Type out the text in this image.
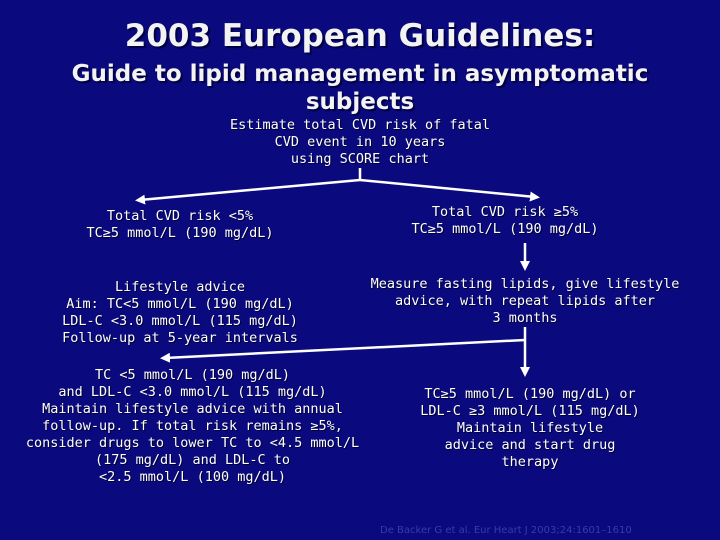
2003 European Guidelines:
Guide to lipid management in asymptomatic subjects
Estimate total CVD risk of fatal
CVD event in 10 years
using SCORE chart
Total CVD risk <5%
TC≥5 mmol/L (190 mg/dL)
Total CVD risk ≥5%
TC≥5 mmol/L (190 mg/dL)
Lifestyle advice
Aim: TC<5 mmol/L (190 mg/dL)
LDL-C <3.0 mmol/L (115 mg/dL)
Follow-up at 5-year intervals
Measure fasting lipids, give lifestyle
advice, with repeat lipids after
3 months
TC <5 mmol/L (190 mg/dL)
and LDL-C <3.0 mmol/L (115 mg/dL)
Maintain lifestyle advice with annual
follow-up. If total risk remains ≥5%,
consider drugs to lower TC to <4.5 mmol/L
(175 mg/dL) and LDL-C to
<2.5 mmol/L (100 mg/dL)
TC≥5 mmol/L (190 mg/dL) or
LDL-C ≥3 mmol/L (115 mg/dL)
Maintain lifestyle
advice and start drug
therapy
De Backer G et al. Eur Heart J 2003;24:1601–1610
